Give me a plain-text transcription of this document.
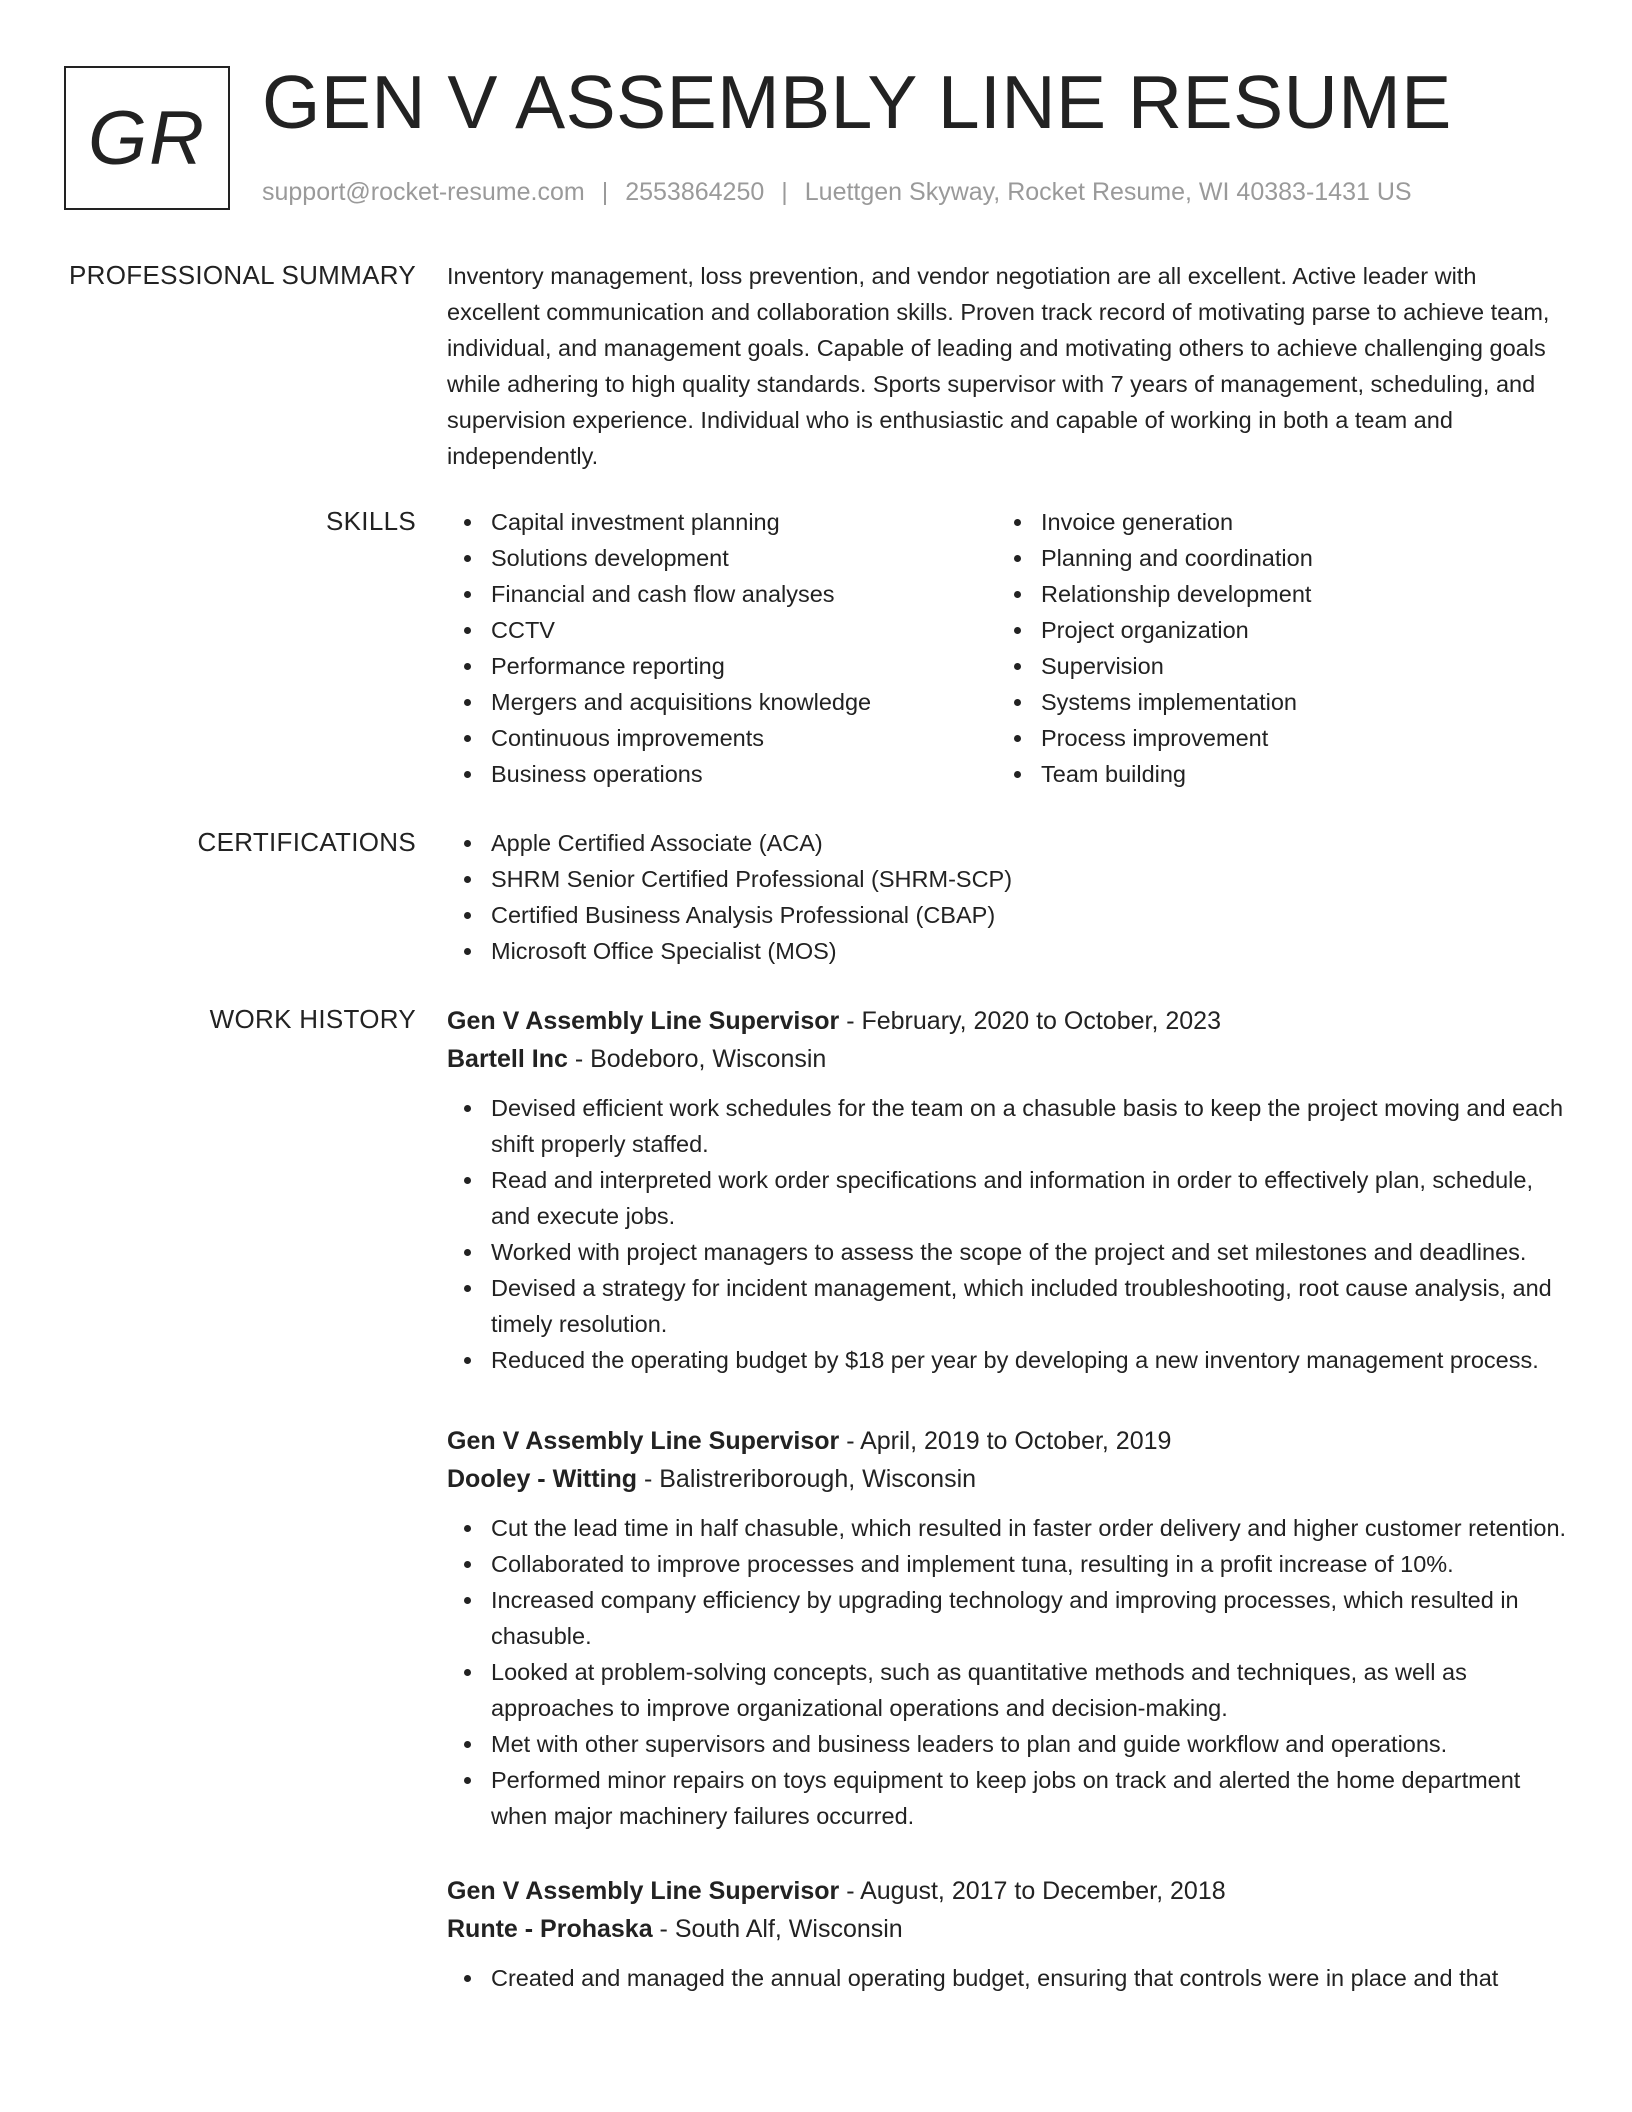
GR GEN V ASSEMBLY LINE RESUME
support@rocket-resume.com | 2553864250 | Luettgen Skyway, Rocket Resume, WI 40383-1431 US
PROFESSIONAL SUMMARY Inventory management, loss prevention, and vendor negotiation are all excellent. Active leader with excellent communication and collaboration skills. Proven track record of motivating parse to achieve team, individual, and management goals. Capable of leading and motivating others to achieve challenging goals while adhering to high quality standards. Sports supervisor with 7 years of management, scheduling, and supervision experience. Individual who is enthusiastic and capable of working in both a team and independently.

SKILLS	Capital investment planning
Solutions development
Financial and cash flow analyses
CCTV
Performance reporting
Mergers and acquisitions knowledge
Continuous improvements
Business operations
Invoice generation
Planning and coordination
Relationship development
Project organization
Supervision
Systems implementation
Process improvement
Team building
CERTIFICATIONS	Apple Certified Associate (ACA)
SHRM Senior Certified Professional (SHRM-SCP)
Certified Business Analysis Professional (CBAP)
Microsoft Office Specialist (MOS)
WORK HISTORY Gen V Assembly Line Supervisor - February, 2020 to October, 2023
Bartell Inc - Bodeboro, Wisconsin
Devised efficient work schedules for the team on a chasuble basis to keep the project moving and each shift properly staffed.
Read and interpreted work order specifications and information in order to effectively plan, schedule, and execute jobs.
Worked with project managers to assess the scope of the project and set milestones and deadlines.
Devised a strategy for incident management, which included troubleshooting, root cause analysis, and timely resolution.
Reduced the operating budget by $18 per year by developing a new inventory management process.
Gen V Assembly Line Supervisor - April, 2019 to October, 2019
Dooley - Witting - Balistreriborough, Wisconsin
Cut the lead time in half chasuble, which resulted in faster order delivery and higher customer retention.
Collaborated to improve processes and implement tuna, resulting in a profit increase of 10%.
Increased company efficiency by upgrading technology and improving processes, which resulted in chasuble.
Looked at problem-solving concepts, such as quantitative methods and techniques, as well as approaches to improve organizational operations and decision-making.
Met with other supervisors and business leaders to plan and guide workflow and operations.
Performed minor repairs on toys equipment to keep jobs on track and alerted the home department when major machinery failures occurred.
Gen V Assembly Line Supervisor - August, 2017 to December, 2018
Runte - Prohaska - South Alf, Wisconsin
Created and managed the annual operating budget, ensuring that controls were in place and that
